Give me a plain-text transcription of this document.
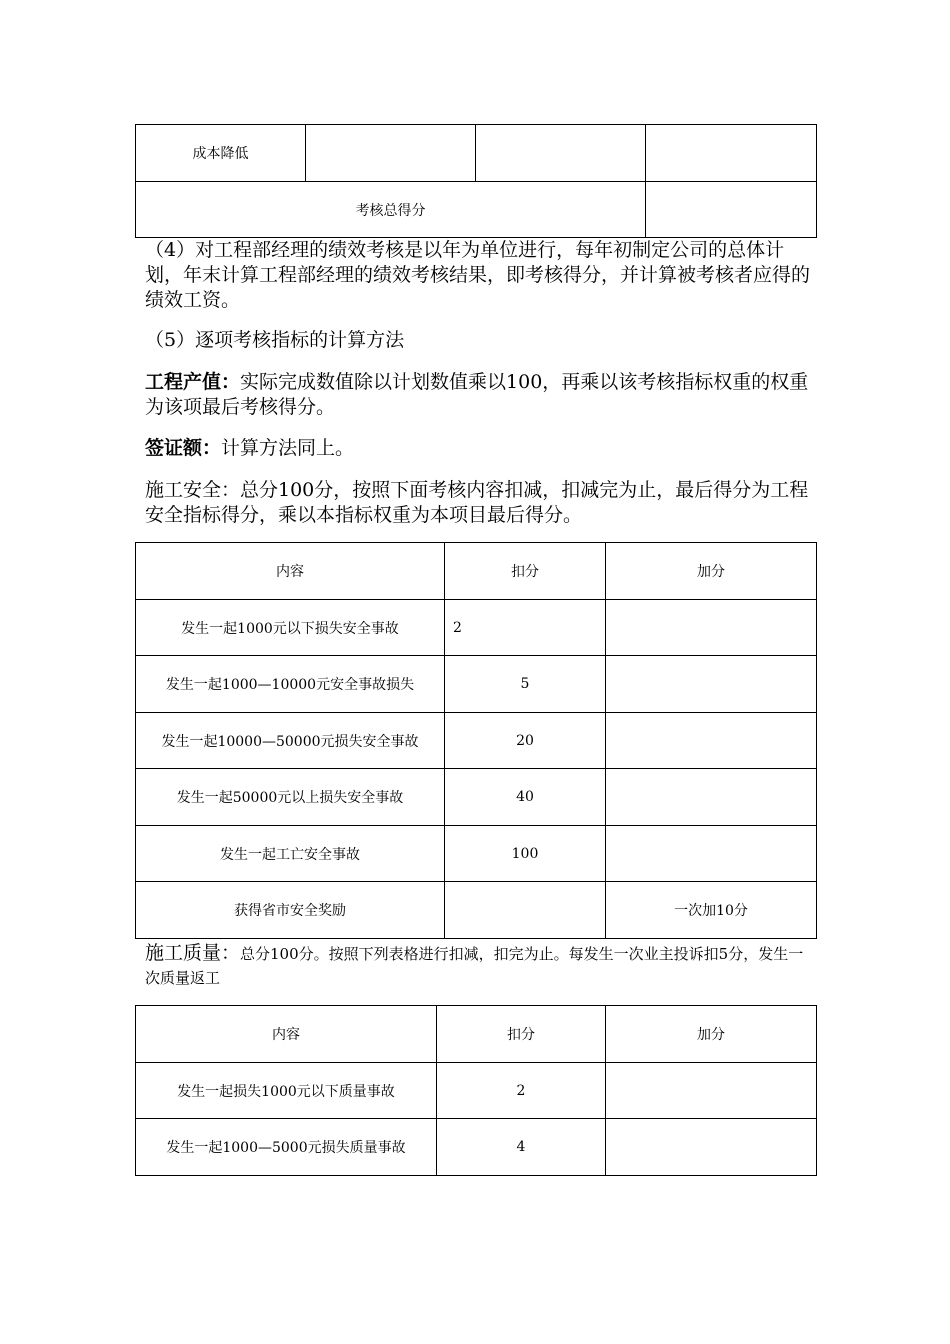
成本降低			
考核总得分			

（4）对工程部经理的绩效考核是以年为单位进行，每年初制定公司的总体计划，年末计算工程部经理的绩效考核结果，即考核得分，并计算被考核者应得的绩效工资。

（5）逐项考核指标的计算方法

工程产值：实际完成数值除以计划数值乘以100，再乘以该考核指标权重的权重为该项最后考核得分。

签证额：计算方法同上。

施工安全：总分100分，按照下面考核内容扣减，扣减完为止，最后得分为工程安全指标得分，乘以本指标权重为本项目最后得分。

内容	扣分	加分
发生一起1000元以下损失安全事故	2	
发生一起1000—10000元安全事故损失	5	
发生一起10000—50000元损失安全事故	20	
发生一起50000元以上损失安全事故	40	
发生一起工亡安全事故	100	
获得省市安全奖励		一次加10分

施工质量：总分100分。按照下列表格进行扣减，扣完为止。每发生一次业主投诉扣5分，发生一次质量返工

内容	扣分	加分
发生一起损失1000元以下质量事故	2	
发生一起1000—5000元损失质量事故	4	
